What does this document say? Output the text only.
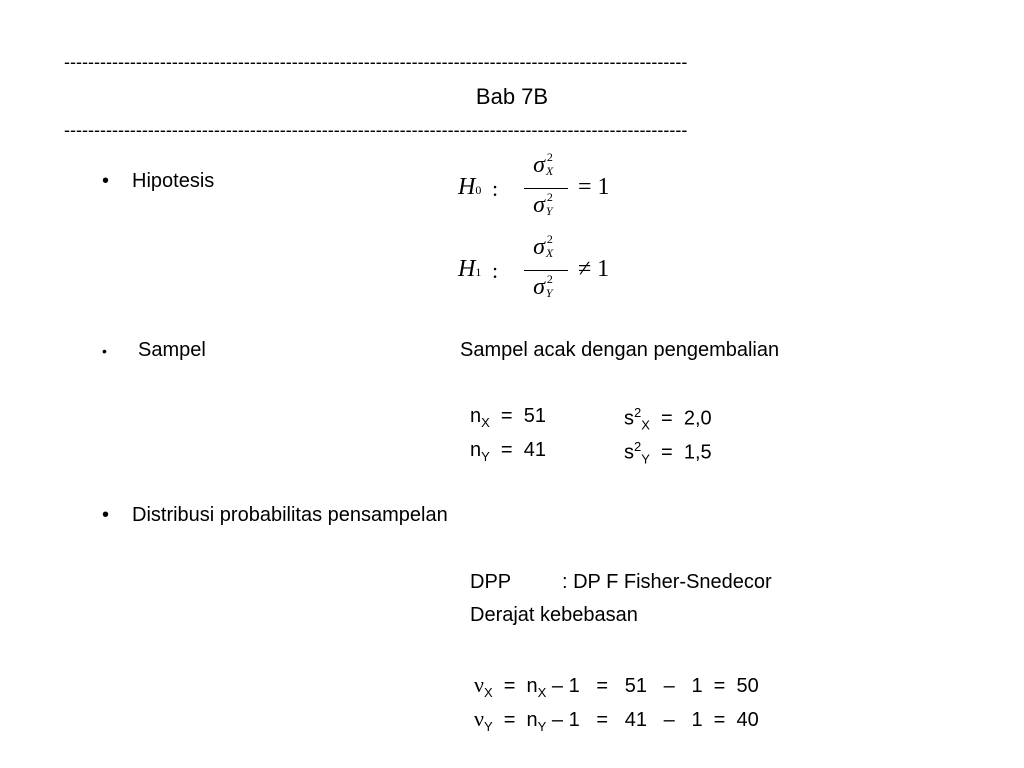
--------------------------------------------------------------------------------------------------------
Bab 7B
--------------------------------------------------------------------------------------------------------
• Hipotesis

	H0

:

σ 2
X

σ 2
Y

= 1

H1

:

σ 2
X

σ 2
Y

≠ 1

• Sampel	Sampel acak dengan pengembalian
$n_X = 51$	$s^2_X = 2,0$
$n_Y = 41$	$s^2_Y = 1,5$
• Distribusi probabilitas pensampelan
DPP	: DP F Fisher-Snedecor
Derajat kebebasan
$\nu_X = n_X - 1 = 51 - 1 = 50$
$\nu_Y = n_Y - 1 = 41 - 1 = 40$
